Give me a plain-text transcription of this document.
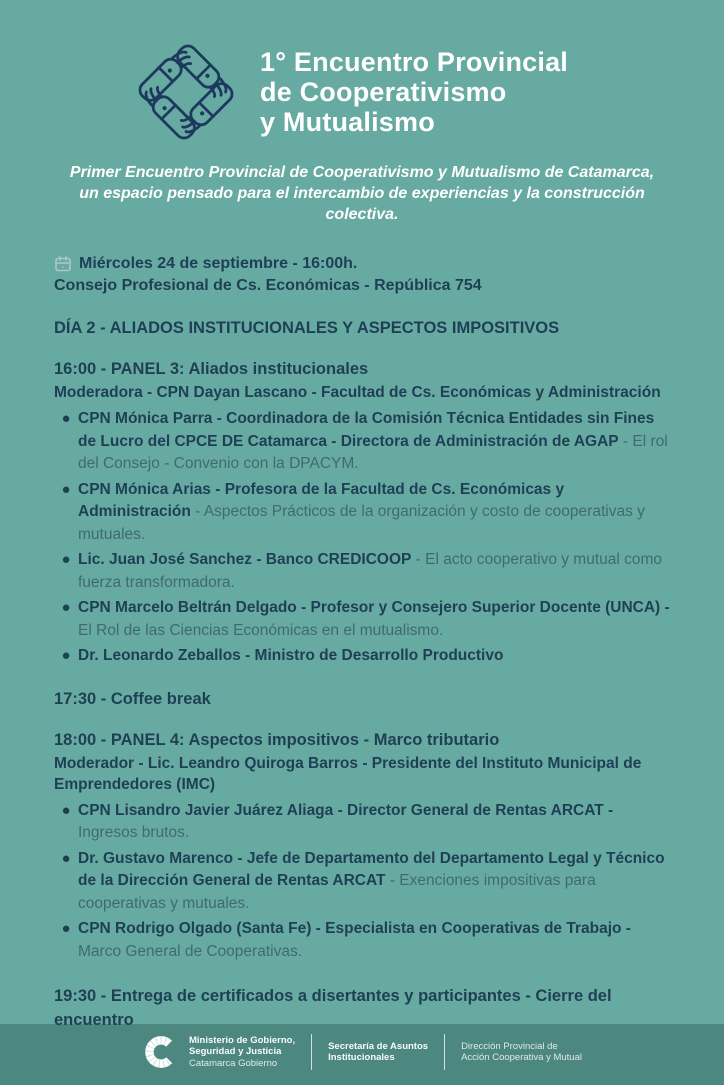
1° Encuentro Provincial
de Cooperativismo
y Mutualismo

Primer Encuentro Provincial de Cooperativismo y Mutualismo de Catamarca, un espacio pensado para el intercambio de experiencias y la construcción colectiva.

Miércoles 24 de septiembre - 16:00h.
Consejo Profesional de Cs. Económicas - República 754
DÍA 2 - ALIADOS INSTITUCIONALES Y ASPECTOS IMPOSITIVOS
16:00 - PANEL 3: Aliados institucionales
Moderadora - CPN Dayan Lascano - Facultad de Cs. Económicas y Administración
● CPN Mónica Parra - Coordinadora de la Comisión Técnica Entidades sin Fines de Lucro del CPCE DE Catamarca - Directora de Administración de AGAP - El rol del Consejo - Convenio con la DPACYM.

● CPN Mónica Arias - Profesora de la Facultad de Cs. Económicas y Administración - Aspectos Prácticos de la organización y costo de cooperativas y mutuales.

● Lic. Juan José Sanchez - Banco CREDICOOP - El acto cooperativo y mutual como fuerza transformadora.

● CPN Marcelo Beltrán Delgado - Profesor y Consejero Superior Docente (UNCA) - El Rol de las Ciencias Económicas en el mutualismo.

● Dr. Leonardo Zeballos - Ministro de Desarrollo Productivo

17:30 - Coffee break
18:00 - PANEL 4: Aspectos impositivos - Marco tributario
Moderador - Lic. Leandro Quiroga Barros - Presidente del Instituto Municipal de Emprendedores (IMC)
● CPN Lisandro Javier Juárez Aliaga - Director General de Rentas ARCAT - Ingresos brutos.

● Dr. Gustavo Marenco - Jefe de Departamento del Departamento Legal y Técnico de la Dirección General de Rentas ARCAT - Exenciones impositivas para cooperativas y mutuales.

● CPN Rodrigo Olgado (Santa Fe) - Especialista en Cooperativas de Trabajo - Marco General de Cooperativas.

19:30 - Entrega de certificados a disertantes y participantes - Cierre del encuentro
Ministerio de Gobierno,
Seguridad y Justicia
Catamarca Gobierno
Secretaría de Asuntos
Institucionales
Dirección Provincial de
Acción Cooperativa y Mutual
